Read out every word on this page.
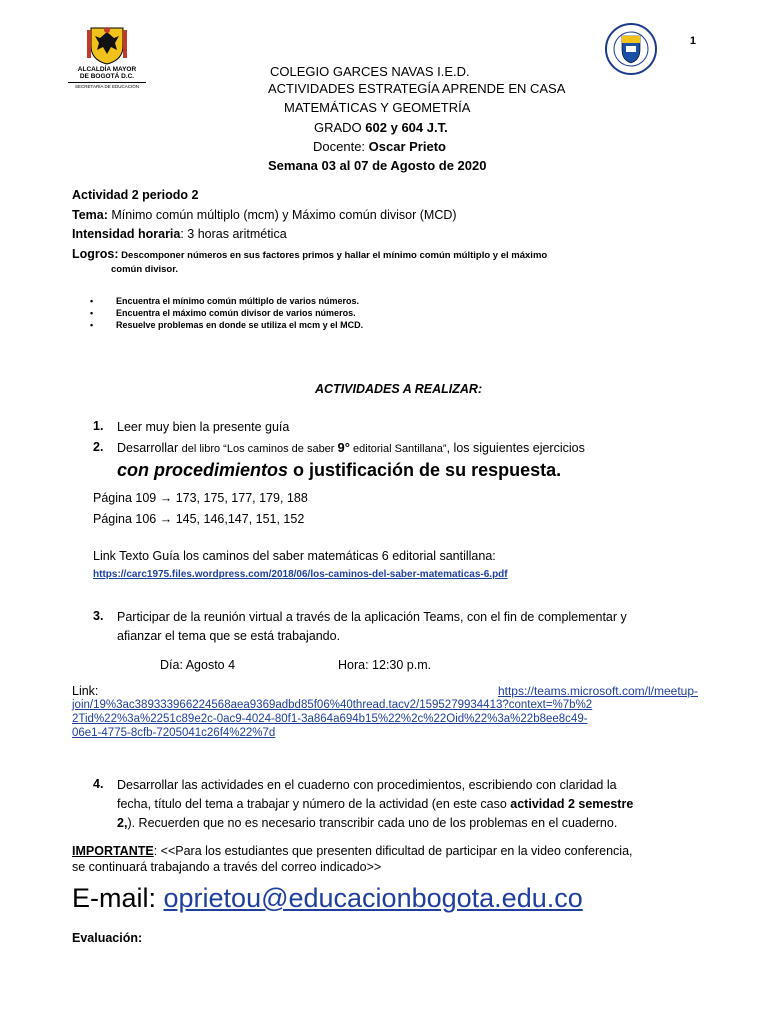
1
ALCALDÍA MAYOR
DE BOGOTÁ D.C.
SECRETARÍA DE EDUCACIÓN
COLEGIO GARCES NAVAS I.E.D.
ACTIVIDADES ESTRATEGÍA APRENDE EN CASA
MATEMÁTICAS Y GEOMETRÍA
GRADO 602 y 604 J.T.
Docente: Oscar Prieto
Semana 03 al 07 de Agosto de 2020
Actividad 2 periodo 2
Tema: Mínimo común múltiplo (mcm) y Máximo común divisor (MCD)
Intensidad horaria: 3 horas aritmética
Logros: Descomponer números en sus factores primos y hallar el mínimo común múltiplo y el máximo
común divisor.
• Encuentra el mínimo común múltiplo de varios números.
• Encuentra el máximo común divisor de varios números.
• Resuelve problemas en donde se utiliza el mcm y el MCD.
ACTIVIDADES A REALIZAR:
1. Leer muy bien la presente guía
2. Desarrollar del libro “Los caminos de saber 9° editorial Santillana”, los siguientes ejercicios
con procedimientos o justificación de su respuesta.
Página 109 → 173, 175, 177, 179, 188
Página 106 → 145, 146,147, 151, 152
Link Texto Guía los caminos del saber matemáticas 6 editorial santillana:
https://carc1975.files.wordpress.com/2018/06/los-caminos-del-saber-matematicas-6.pdf
3. Participar de la reunión virtual a través de la aplicación Teams, con el fin de complementar y
afianzar el tema que se está trabajando.
Día: Agosto 4	Hora: 12:30 p.m.
Link:	https://teams.microsoft.com/l/meetup-
join/19%3ac389333966224568aea9369adbd85f06%40thread.tacv2/1595279934413?context=%7b%2
2Tid%22%3a%2251c89e2c-0ac9-4024-80f1-3a864a694b15%22%2c%22Oid%22%3a%22b8ee8c49-
06e1-4775-8cfb-7205041c26f4%22%7d
4. Desarrollar las actividades en el cuaderno con procedimientos, escribiendo con claridad la
fecha, título del tema a trabajar y número de la actividad (en este caso actividad 2 semestre
2,). Recuerden que no es necesario transcribir cada uno de los problemas en el cuaderno.
IMPORTANTE: <<Para los estudiantes que presenten dificultad de participar en la video conferencia,
se continuará trabajando a través del correo indicado>>
E-mail: oprietou@educacionbogota.edu.co
Evaluación:
